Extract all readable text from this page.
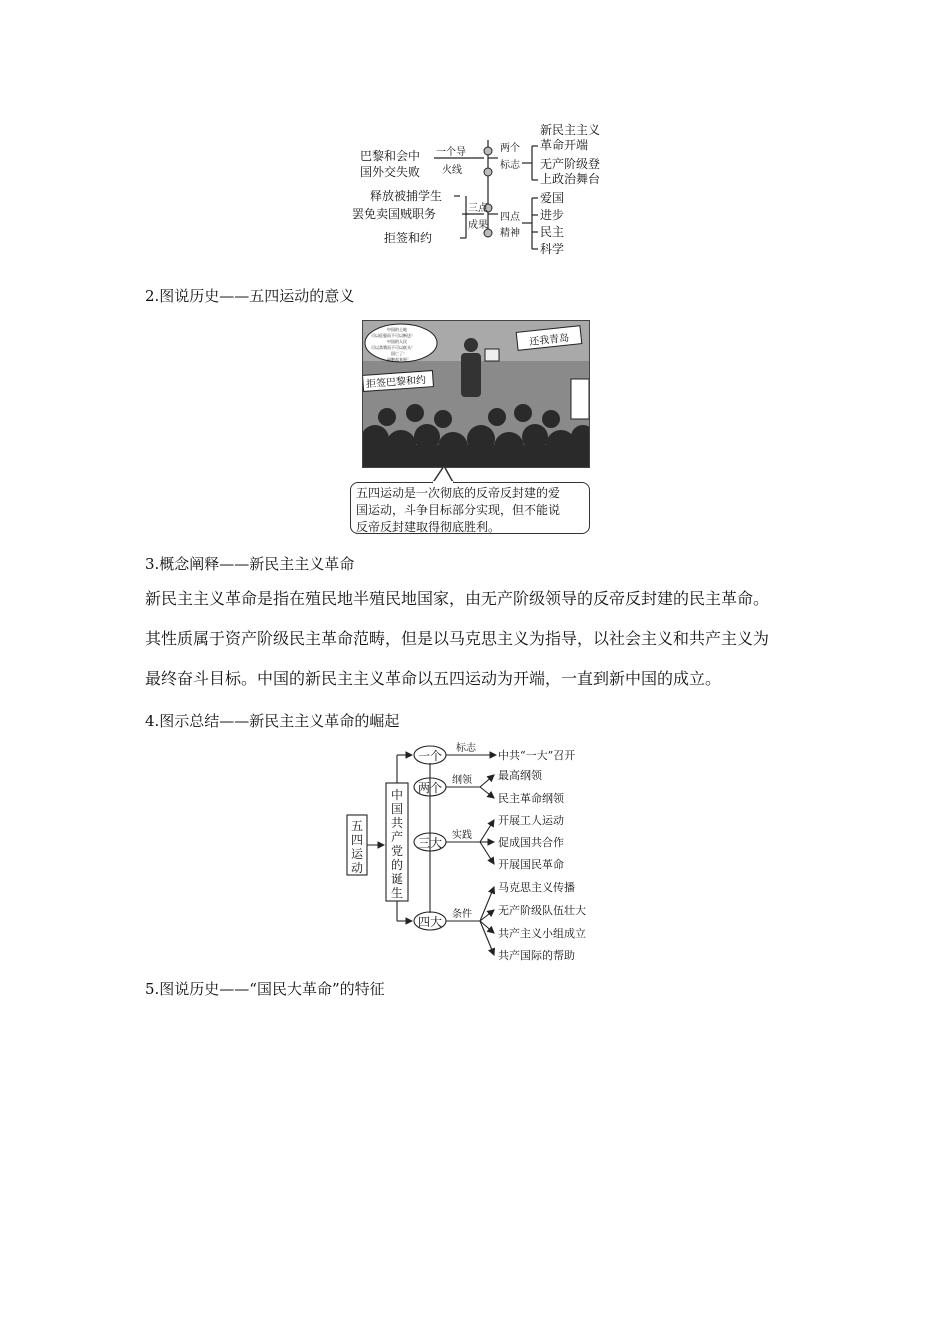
巴黎和会中
国外交失败
一个导
火线
释放被捕学生
罢免卖国贼职务
拒签和约
三点
成果
两个
标志
新民主主义
革命开端
无产阶级登
上政治舞台
四点
精神
爱国
进步
民主
科学
2.图说历史——五四运动的意义
中国的土地
可以征服而不可以断送！
中国的人民
可以杀戮而不可以低头！
国亡了！
同胞起来呀！
拒签巴黎和约
还我青岛
五四运动是一次彻底的反帝反封建的爱
国运动，斗争目标部分实现，但不能说
反帝反封建取得彻底胜利。
3.概念阐释——新民主主义革命
新民主主义革命是指在殖民地半殖民地国家，由无产阶级领导的反帝反封建的民主革命。
其性质属于资产阶级民主革命范畴，但是以马克思主义为指导，以社会主义和共产主义为
最终奋斗目标。中国的新民主主义革命以五四运动为开端，一直到新中国的成立。
4.图示总结——新民主主义革命的崛起
五
四
运
动
中
国
共
产
党
的
诞
生
一个
两个
三大
四大
标志
纲领
实践
条件
中共“一大”召开
最高纲领
民主革命纲领
开展工人运动
促成国共合作
开展国民革命
马克思主义传播
无产阶级队伍壮大
共产主义小组成立
共产国际的帮助
5.图说历史——“国民大革命”的特征
